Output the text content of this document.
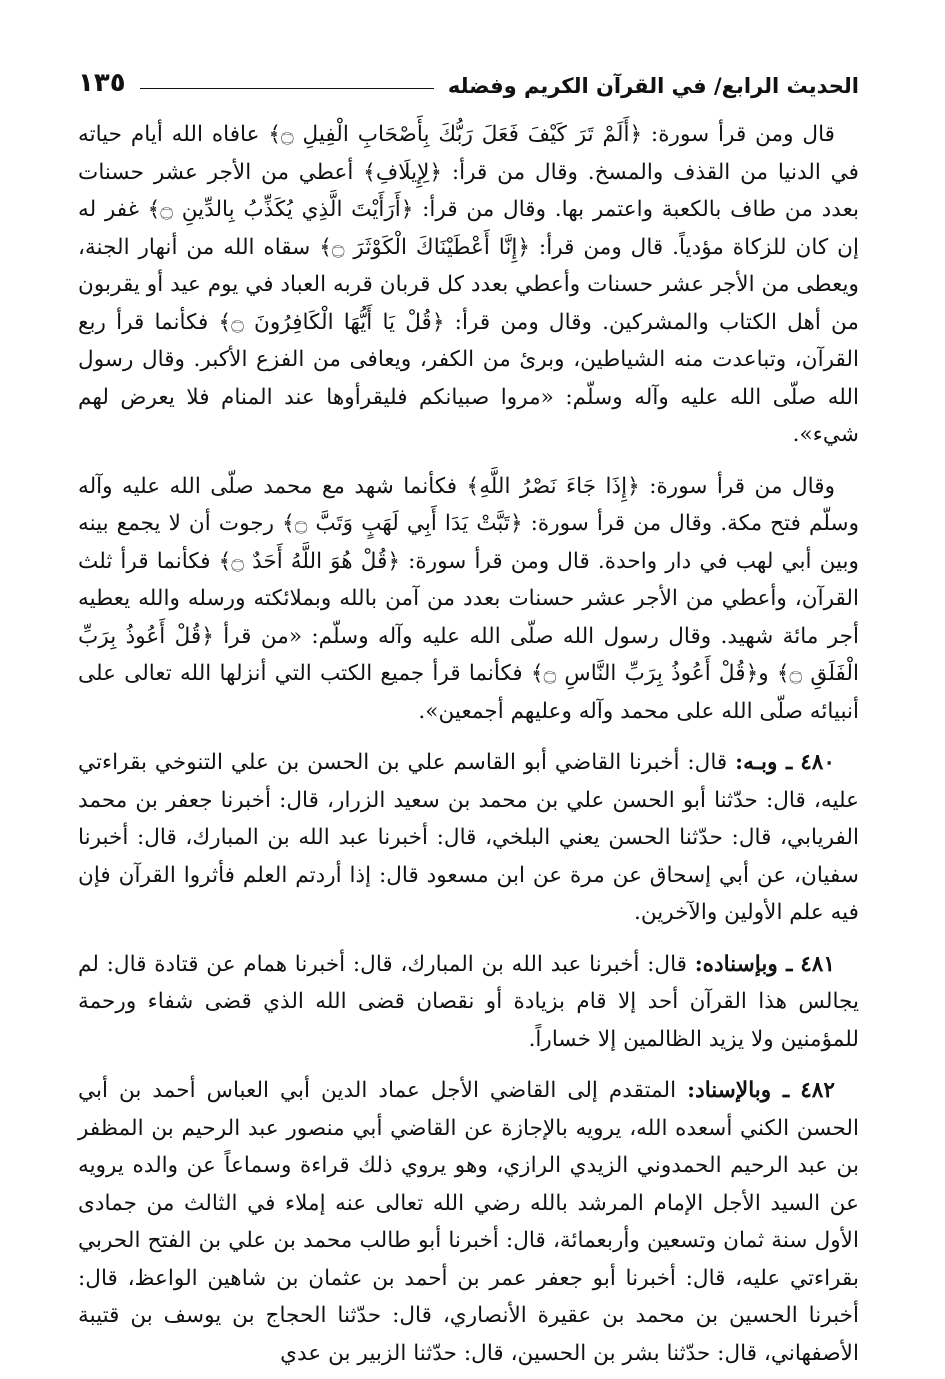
الحديث الرابع/ في القرآن الكريم وفضله
١٣٥

قال ومن قرأ سورة: ﴿أَلَمْ تَرَ كَيْفَ فَعَلَ رَبُّكَ بِأَصْحَابِ الْفِيلِ ۝﴾ عافاه الله أيام حياته في الدنيا من القذف والمسخ. وقال من قرأ: ﴿لِإِيلَافِ﴾ أعطي من الأجر عشر حسنات بعدد من طاف بالكعبة واعتمر بها. وقال من قرأ: ﴿أَرَأَيْتَ الَّذِي يُكَذِّبُ بِالدِّينِ ۝﴾ غفر له إن كان للزكاة مؤدياً. قال ومن قرأ: ﴿إِنَّا أَعْطَيْنَاكَ الْكَوْثَرَ ۝﴾ سقاه الله من أنهار الجنة، ويعطى من الأجر عشر حسنات وأعطي بعدد كل قربان قربه العباد في يوم عيد أو يقربون من أهل الكتاب والمشركين. وقال ومن قرأ: ﴿قُلْ يَا أَيُّهَا الْكَافِرُونَ ۝﴾ فكأنما قرأ ربع القرآن، وتباعدت منه الشياطين، وبرئ من الكفر، ويعافى من الفزع الأكبر. وقال رسول الله صلّى الله عليه وآله وسلّم: «مروا صبيانكم فليقرأوها عند المنام فلا يعرض لهم شيء».

وقال من قرأ سورة: ﴿إِذَا جَاءَ نَصْرُ اللَّهِ﴾ فكأنما شهد مع محمد صلّى الله عليه وآله وسلّم فتح مكة. وقال من قرأ سورة: ﴿تَبَّتْ يَدَا أَبِي لَهَبٍ وَتَبَّ ۝﴾ رجوت أن لا يجمع بينه وبين أبي لهب في دار واحدة. قال ومن قرأ سورة: ﴿قُلْ هُوَ اللَّهُ أَحَدٌ ۝﴾ فكأنما قرأ ثلث القرآن، وأعطي من الأجر عشر حسنات بعدد من آمن بالله وبملائكته ورسله والله يعطيه أجر مائة شهيد. وقال رسول الله صلّى الله عليه وآله وسلّم: «من قرأ ﴿قُلْ أَعُوذُ بِرَبِّ الْفَلَقِ ۝﴾ و﴿قُلْ أَعُوذُ بِرَبِّ النَّاسِ ۝﴾ فكأنما قرأ جميع الكتب التي أنزلها الله تعالى على أنبيائه صلّى الله على محمد وآله وعليهم أجمعين».

٤٨٠ ـ وبـه: قال: أخبرنا القاضي أبو القاسم علي بن الحسن بن علي التنوخي بقراءتي عليه، قال: حدّثنا أبو الحسن علي بن محمد بن سعيد الزرار، قال: أخبرنا جعفر بن محمد الفريابي، قال: حدّثنا الحسن يعني البلخي، قال: أخبرنا عبد الله بن المبارك، قال: أخبرنا سفيان، عن أبي إسحاق عن مرة عن ابن مسعود قال: إذا أردتم العلم فأثروا القرآن فإن فيه علم الأولين والآخرين.

٤٨١ ـ وبإسناده: قال: أخبرنا عبد الله بن المبارك، قال: أخبرنا همام عن قتادة قال: لم يجالس هذا القرآن أحد إلا قام بزيادة أو نقصان قضى الله الذي قضى شفاء ورحمة للمؤمنين ولا يزيد الظالمين إلا خساراً.

٤٨٢ ـ وبالإسناد: المتقدم إلى القاضي الأجل عماد الدين أبي العباس أحمد بن أبي الحسن الكني أسعده الله، يرويه بالإجازة عن القاضي أبي منصور عبد الرحيم بن المظفر بن عبد الرحيم الحمدوني الزيدي الرازي، وهو يروي ذلك قراءة وسماعاً عن والده يرويه عن السيد الأجل الإمام المرشد بالله رضي الله تعالى عنه إملاء في الثالث من جمادى الأول سنة ثمان وتسعين وأربعمائة، قال: أخبرنا أبو طالب محمد بن علي بن الفتح الحربي بقراءتي عليه، قال: أخبرنا أبو جعفر عمر بن أحمد بن عثمان بن شاهين الواعظ، قال: أخبرنا الحسين بن محمد بن عقيرة الأنصاري، قال: حدّثنا الحجاج بن يوسف بن قتيبة الأصفهاني، قال: حدّثنا بشر بن الحسين، قال: حدّثنا الزبير بن عدي
